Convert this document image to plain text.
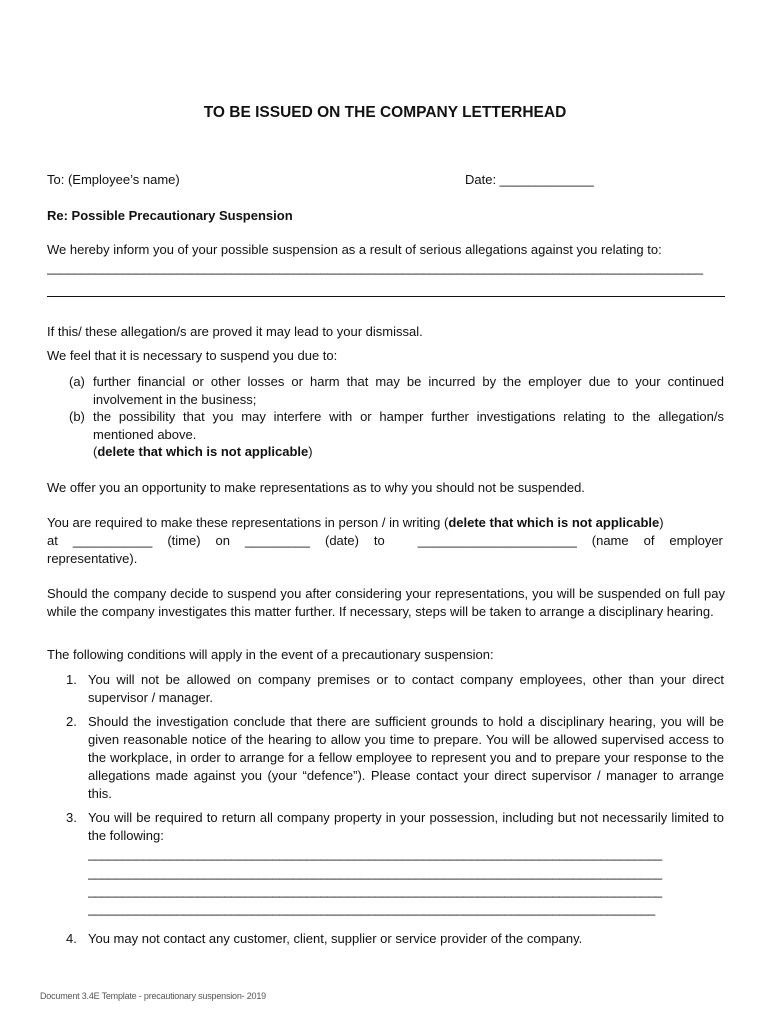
TO BE ISSUED ON THE COMPANY LETTERHEAD
To: (Employee’s name)	Date: _____________
Re: Possible Precautionary Suspension
We hereby inform you of your possible suspension as a result of serious allegations against you relating to:
________________________________________________________________________________________________
If this/ these allegation/s are proved it may lead to your dismissal.
We feel that it is necessary to suspend you due to:
(a) further financial or other losses or harm that may be incurred by the employer due to your continued involvement in the business;
(b) the possibility that you may interfere with or hamper further investigations relating to the allegation/s mentioned above.
(delete that which is not applicable)
We offer you an opportunity to make representations as to why you should not be suspended.
You are required to make these representations in person / in writing (delete that which is not applicable)
at ___________ (time) on _________ (date) to	______________________ (name of employer
representative).
Should the company decide to suspend you after considering your representations, you will be suspended on full pay while the company investigates this matter further. If necessary, steps will be taken to arrange a disciplinary hearing.
The following conditions will apply in the event of a precautionary suspension:
1. You will not be allowed on company premises or to contact company employees, other than your direct supervisor / manager.
2. Should the investigation conclude that there are sufficient grounds to hold a disciplinary hearing, you will be given reasonable notice of the hearing to allow you time to prepare. You will be allowed supervised access to the workplace, in order to arrange for a fellow employee to represent you and to prepare your response to the allegations made against you (your “defence”). Please contact your direct supervisor / manager to arrange this.
3. You will be required to return all company property in your possession, including but not necessarily limited to the following:
____________________________________________________________________________________
____________________________________________________________________________________
____________________________________________________________________________________
___________________________________________________________________________________
4. You may not contact any customer, client, supplier or service provider of the company.
Document 3.4E Template - precautionary suspension- 2019
